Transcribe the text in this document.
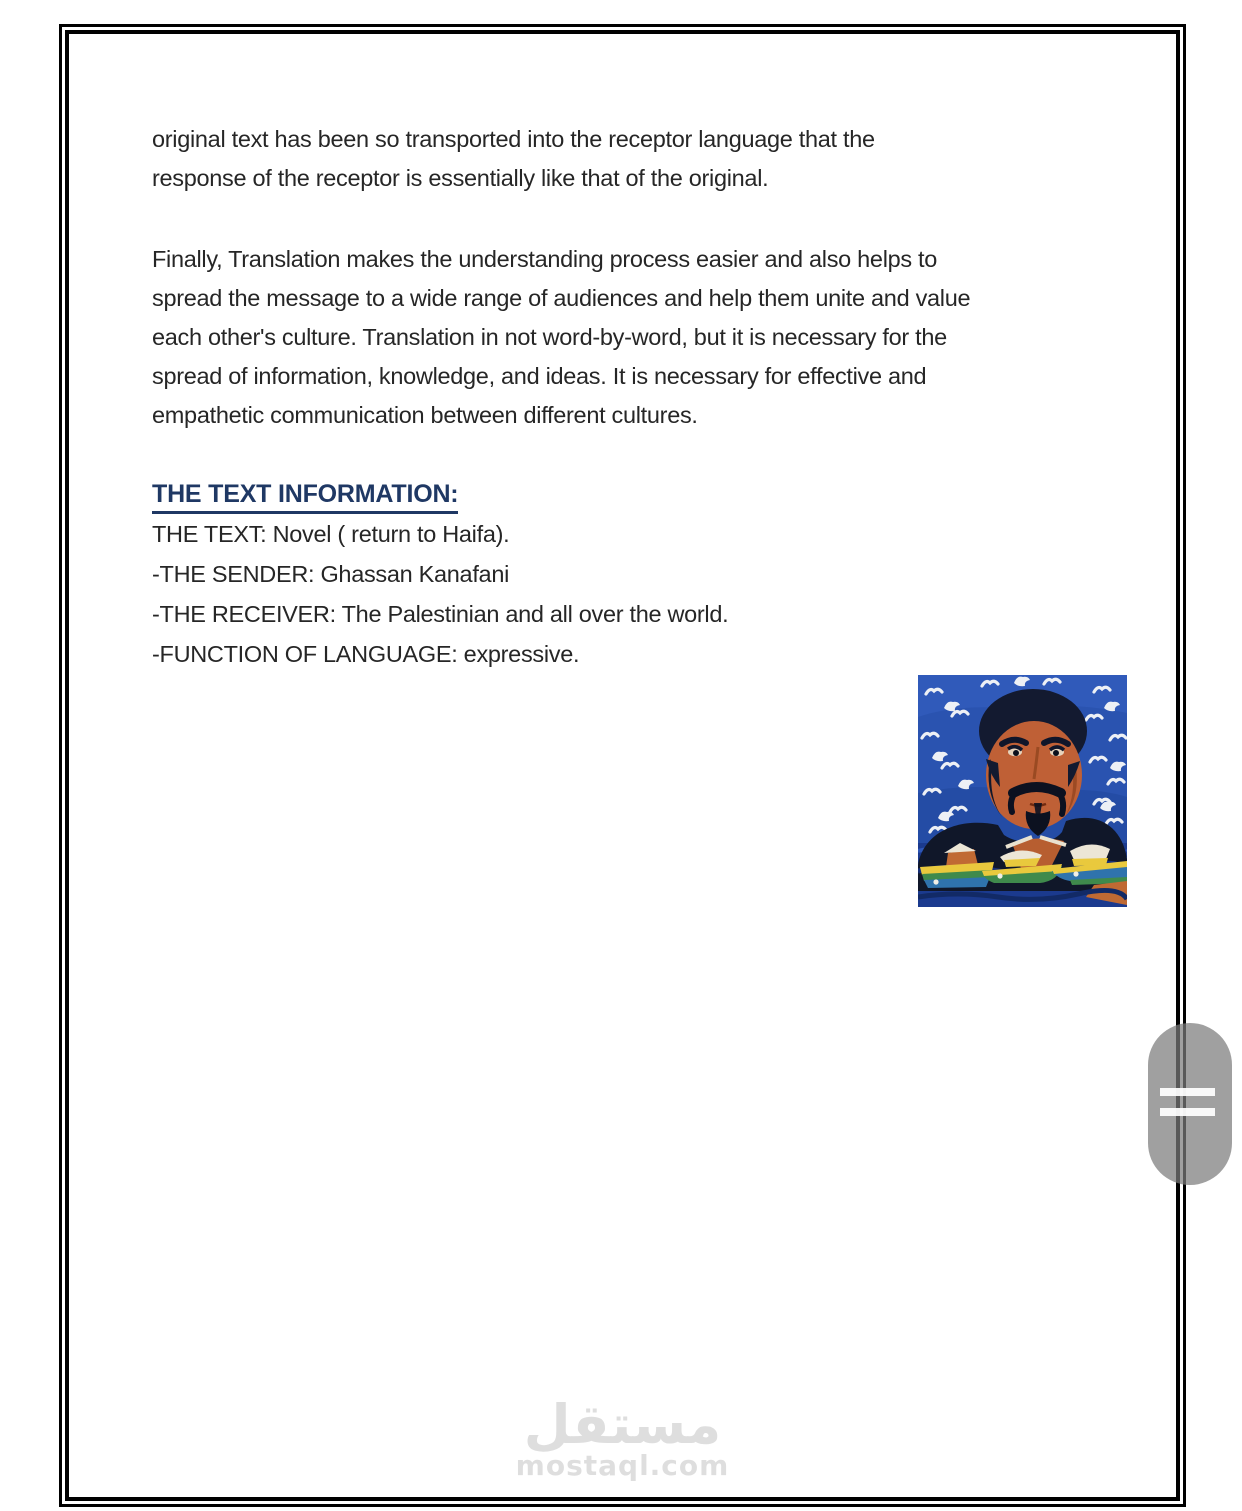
original text has been so transported into the receptor language that the
response of the receptor is essentially like that of the original.
Finally, Translation makes the understanding process easier and also helps to
spread the message to a wide range of audiences and help them unite and value
each other's culture. Translation in not word-by-word, but it is necessary for the
spread of information, knowledge, and ideas. It is necessary for effective and
empathetic communication between different cultures.
THE TEXT INFORMATION:
THE TEXT: Novel ( return to Haifa).
-THE SENDER: Ghassan Kanafani
-THE RECEIVER: The Palestinian and all over the world.
-FUNCTION OF LANGUAGE: expressive.
مستقل
mostaql.com
